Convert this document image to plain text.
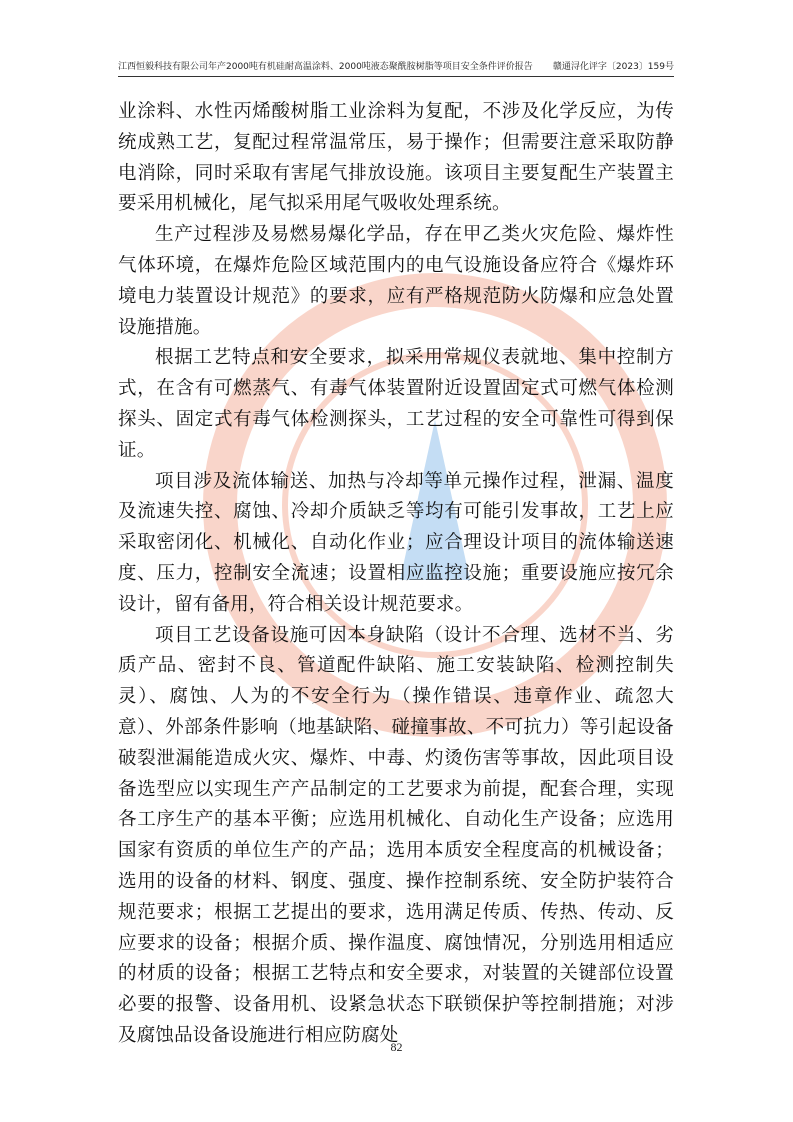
江西恒毅科技有限公司年产2000吨有机硅耐高温涂料、2000吨液态聚酰胺树脂等项目安全条件评价报告 赣通浔化评字〔2023〕159号

业涂料、水性丙烯酸树脂工业涂料为复配，不涉及化学反应，为传统成熟工艺，复配过程常温常压，易于操作；但需要注意采取防静电消除，同时采取有害尾气排放设施。该项目主要复配生产装置主要采用机械化，尾气拟采用尾气吸收处理系统。

生产过程涉及易燃易爆化学品，存在甲乙类火灾危险、爆炸性气体环境，在爆炸危险区域范围内的电气设施设备应符合《爆炸环境电力装置设计规范》的要求，应有严格规范防火防爆和应急处置设施措施。

根据工艺特点和安全要求，拟采用常规仪表就地、集中控制方式，在含有可燃蒸气、有毒气体装置附近设置固定式可燃气体检测探头、固定式有毒气体检测探头，工艺过程的安全可靠性可得到保证。

项目涉及流体输送、加热与冷却等单元操作过程，泄漏、温度及流速失控、腐蚀、冷却介质缺乏等均有可能引发事故，工艺上应采取密闭化、机械化、自动化作业；应合理设计项目的流体输送速度、压力，控制安全流速；设置相应监控设施；重要设施应按冗余设计，留有备用，符合相关设计规范要求。

项目工艺设备设施可因本身缺陷（设计不合理、选材不当、劣质产品、密封不良、管道配件缺陷、施工安装缺陷、检测控制失灵）、腐蚀、人为的不安全行为（操作错误、违章作业、疏忽大意）、外部条件影响（地基缺陷、碰撞事故、不可抗力）等引起设备破裂泄漏能造成火灾、爆炸、中毒、灼烫伤害等事故，因此项目设备选型应以实现生产产品制定的工艺要求为前提，配套合理，实现各工序生产的基本平衡；应选用机械化、自动化生产设备；应选用国家有资质的单位生产的产品；选用本质安全程度高的机械设备；选用的设备的材料、钢度、强度、操作控制系统、安全防护装符合规范要求；根据工艺提出的要求，选用满足传质、传热、传动、反应要求的设备；根据介质、操作温度、腐蚀情况，分别选用相适应的材质的设备；根据工艺特点和安全要求，对装置的关键部位设置必要的报警、设备用机、设紧急状态下联锁保护等控制措施；对涉及腐蚀品设备设施进行相应防腐处

82
